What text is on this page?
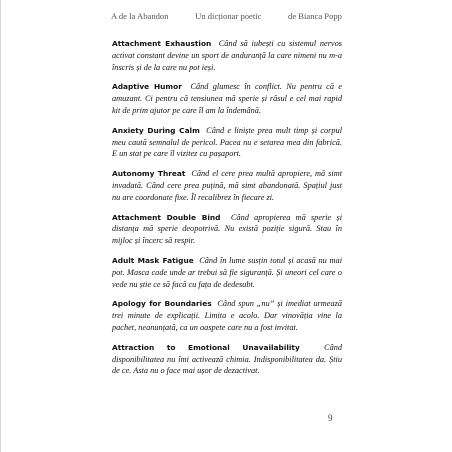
A de la Abandon	Un dicționar poetic	de Bianca Popp

Attachment Exhaustion Când să iubești cu sistemul nervos activat constant devine un sport de anduranță la care nimeni nu m-a înscris și de la care nu pot ieși.

Adaptive Humor Când glumesc în conflict. Nu pentru că e amuzant. Ci pentru că tensiunea mă sperie și râsul e cel mai rapid kit de prim ajutor pe care îl am la îndemână.

Anxiety During Calm Când e liniște prea mult timp și corpul meu caută semnalul de pericol. Pacea nu e setarea mea din fabrică. E un stat pe care îl vizitez cu pașaport.

Autonomy Threat Când el cere prea multă apropiere, mă simt invadată. Când cere prea puțină, mă simt abandonată. Spațiul just nu are coordonate fixe. Îl recalibrez în fiecare zi.

Attachment Double Bind Când apropierea mă sperie și distanța mă sperie deopotrivă. Nu există poziție sigură. Stau în mijloc și încerc să respir.

Adult Mask Fatigue Când în lume susțin totul și acasă nu mai pot. Masca cade unde ar trebui să fie siguranță. Și uneori cel care o vede nu știe ce să facă cu fața de dedesubt.

Apology for Boundaries Când spun „nu” și imediat urmează trei minute de explicații. Limita e acolo. Dar vinovăția vine la pachet, neanunțată, ca un oaspete care nu a fost invitat.

Attraction to Emotional Unavailability	Când disponibilitatea nu îmi activează chimia. Indisponibilitatea da. Știu de ce. Asta nu o face mai ușor de dezactivat.

9
